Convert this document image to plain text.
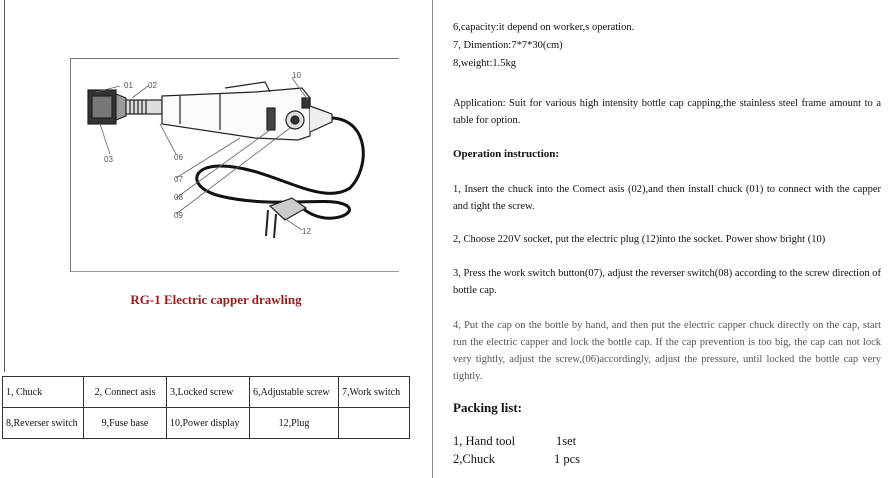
01 02
03	06
07
08
09
10
12
RG-1 Electric capper drawling
1, Chuck	2, Connect asis	3,Locked screw	6,Adjustable screw	7,Work switch
8,Reverser switch	9,Fuse base	10,Power display	12,Plug	
6,capacity:it depend on worker,s operation.
7, Dimention:7*7*30(cm)
8,weight:1.5kg
Application: Suit for various high intensity bottle cap capping,the stainless steel frame amount to a table for option.
Operation instruction:
1, Insert the chuck into the Comect asis (02),and then install chuck (01) to connect with the capper and tight the screw.
2, Choose 220V socket, put the electric plug (12)into the socket. Power show bright (10)
3, Press the work switch button(07), adjust the reverser switch(08) according to the screw direction of bottle cap.
4, Put the cap on the bottle by hand, and then put the electric capper chuck directly on the cap, start run the electric capper and lock the bottle cap. If the cap prevention is too big, the cap can not lock very tightly, adjust the screw,(06)accordingly, adjust the pressure, until locked the bottle cap very tightly.
Packing list:
1, Hand tool	1set
2,Chuck	1 pcs
